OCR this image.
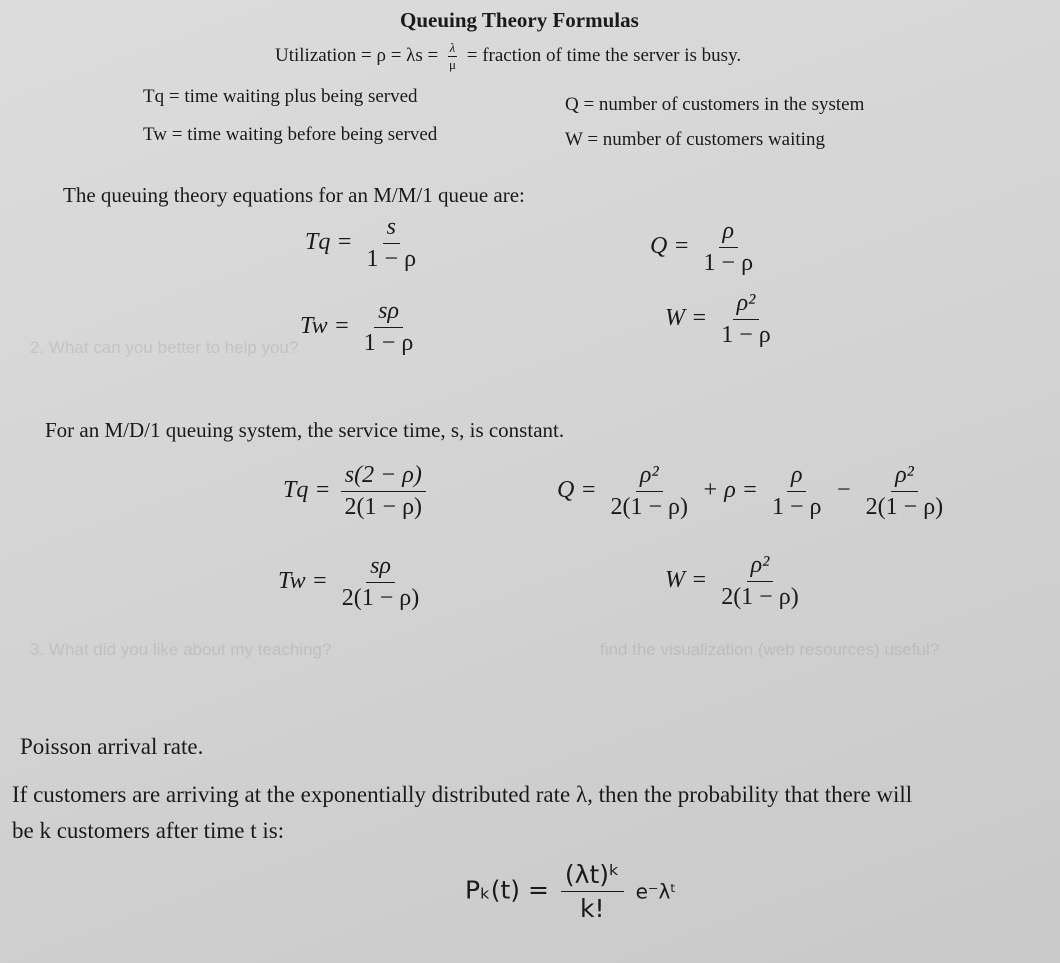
2. What can you better to help you?
3. What did you like about my teaching?	find the visualization (web resources) useful?
Queuing Theory Formulas
Utilization = $\rho = \lambda s = \frac{\lambda}{\mu}$ = fraction of time the server is busy.
Tq = time waiting plus being served
Tw = time waiting before being served
Q = number of customers in the system
W = number of customers waiting
The queuing theory equations for an M/M/1 queue are:
$Tq = \frac{s}{1 - \rho}$	$Q = \frac{\rho}{1 - \rho}$
$Tw = \frac{s\rho}{1 - \rho}$	$W = \frac{\text{ρ²}}{1 - \rho}$
For an M/D/1 queuing system, the service time, s, is constant.
$Tq = \frac{s(2 - \rho)}{2(1 - \rho)}$	$Q = \frac{\text{ρ²}}{2(1 - \rho)} + \rho = \frac{\rho}{1 - \rho} - \frac{\text{ρ²}}{2(1 - \rho)}$
$Tw = \frac{s\rho}{2(1 - \rho)}$	$W = \frac{\text{ρ²}}{2(1 - \rho)}$
Poisson arrival rate.
If customers are arriving at the exponentially distributed rate λ, then the probability that there will
be k customers after time t is:
$P_k(t) = \frac{\text{(λt)ᵏ}}{k!}$ e⁻λᵗ
